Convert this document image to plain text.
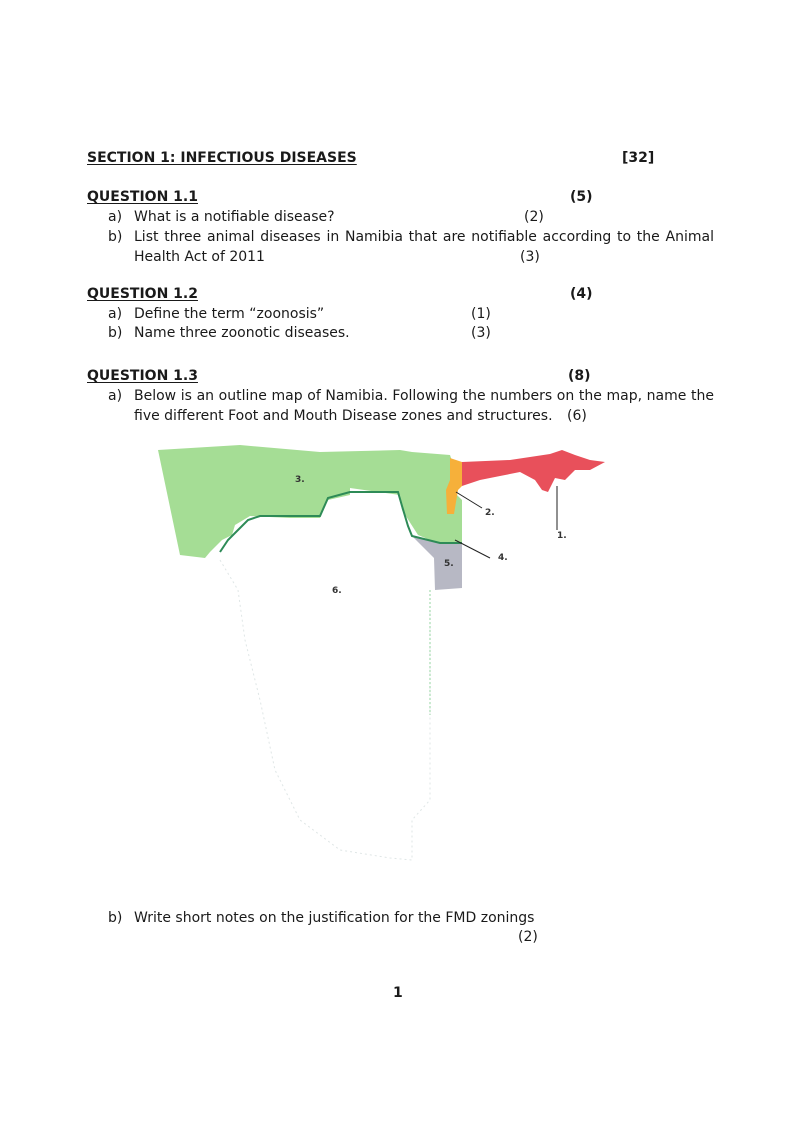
SECTION 1: INFECTIOUS DISEASES	[32]
QUESTION 1.1	(5)
a) What is a notifiable disease?	(2)
b) List three animal diseases in Namibia that are notifiable according to the Animal
Health Act of 2011	(3)
QUESTION 1.2	(4)
a) Define the term “zoonosis”	(1)
b) Name three zoonotic diseases.	(3)
QUESTION 1.3	(8)
a) Below is an outline map of Namibia. Following the numbers on the map, name the
five different Foot and Mouth Disease zones and structures. (6)
3.
2.
1.
4.
5.
6.
b) Write short notes on the justification for the FMD zonings
(2)
1
